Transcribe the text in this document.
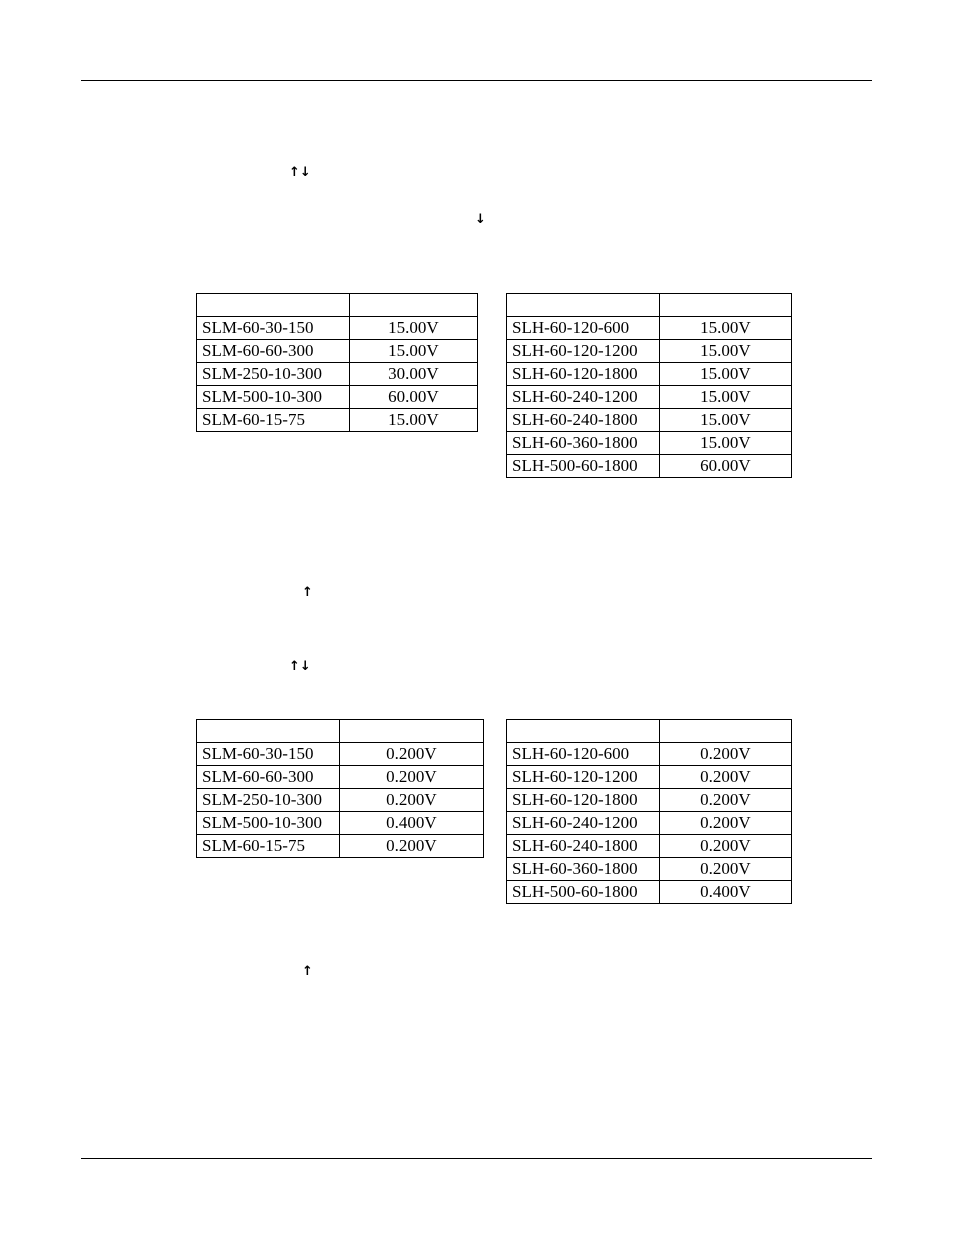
↑↓
↓
↑
↑↓
↑

SLM-60-30-150	15.00V
SLM-60-60-300	15.00V
SLM-250-10-300	30.00V
SLM-500-10-300	60.00V
SLM-60-15-75	15.00V

SLH-60-120-600	15.00V
SLH-60-120-1200	15.00V
SLH-60-120-1800	15.00V
SLH-60-240-1200	15.00V
SLH-60-240-1800	15.00V
SLH-60-360-1800	15.00V
SLH-500-60-1800	60.00V

SLM-60-30-150	0.200V
SLM-60-60-300	0.200V
SLM-250-10-300	0.200V
SLM-500-10-300	0.400V
SLM-60-15-75	0.200V

SLH-60-120-600	0.200V
SLH-60-120-1200	0.200V
SLH-60-120-1800	0.200V
SLH-60-240-1200	0.200V
SLH-60-240-1800	0.200V
SLH-60-360-1800	0.200V
SLH-500-60-1800	0.400V
